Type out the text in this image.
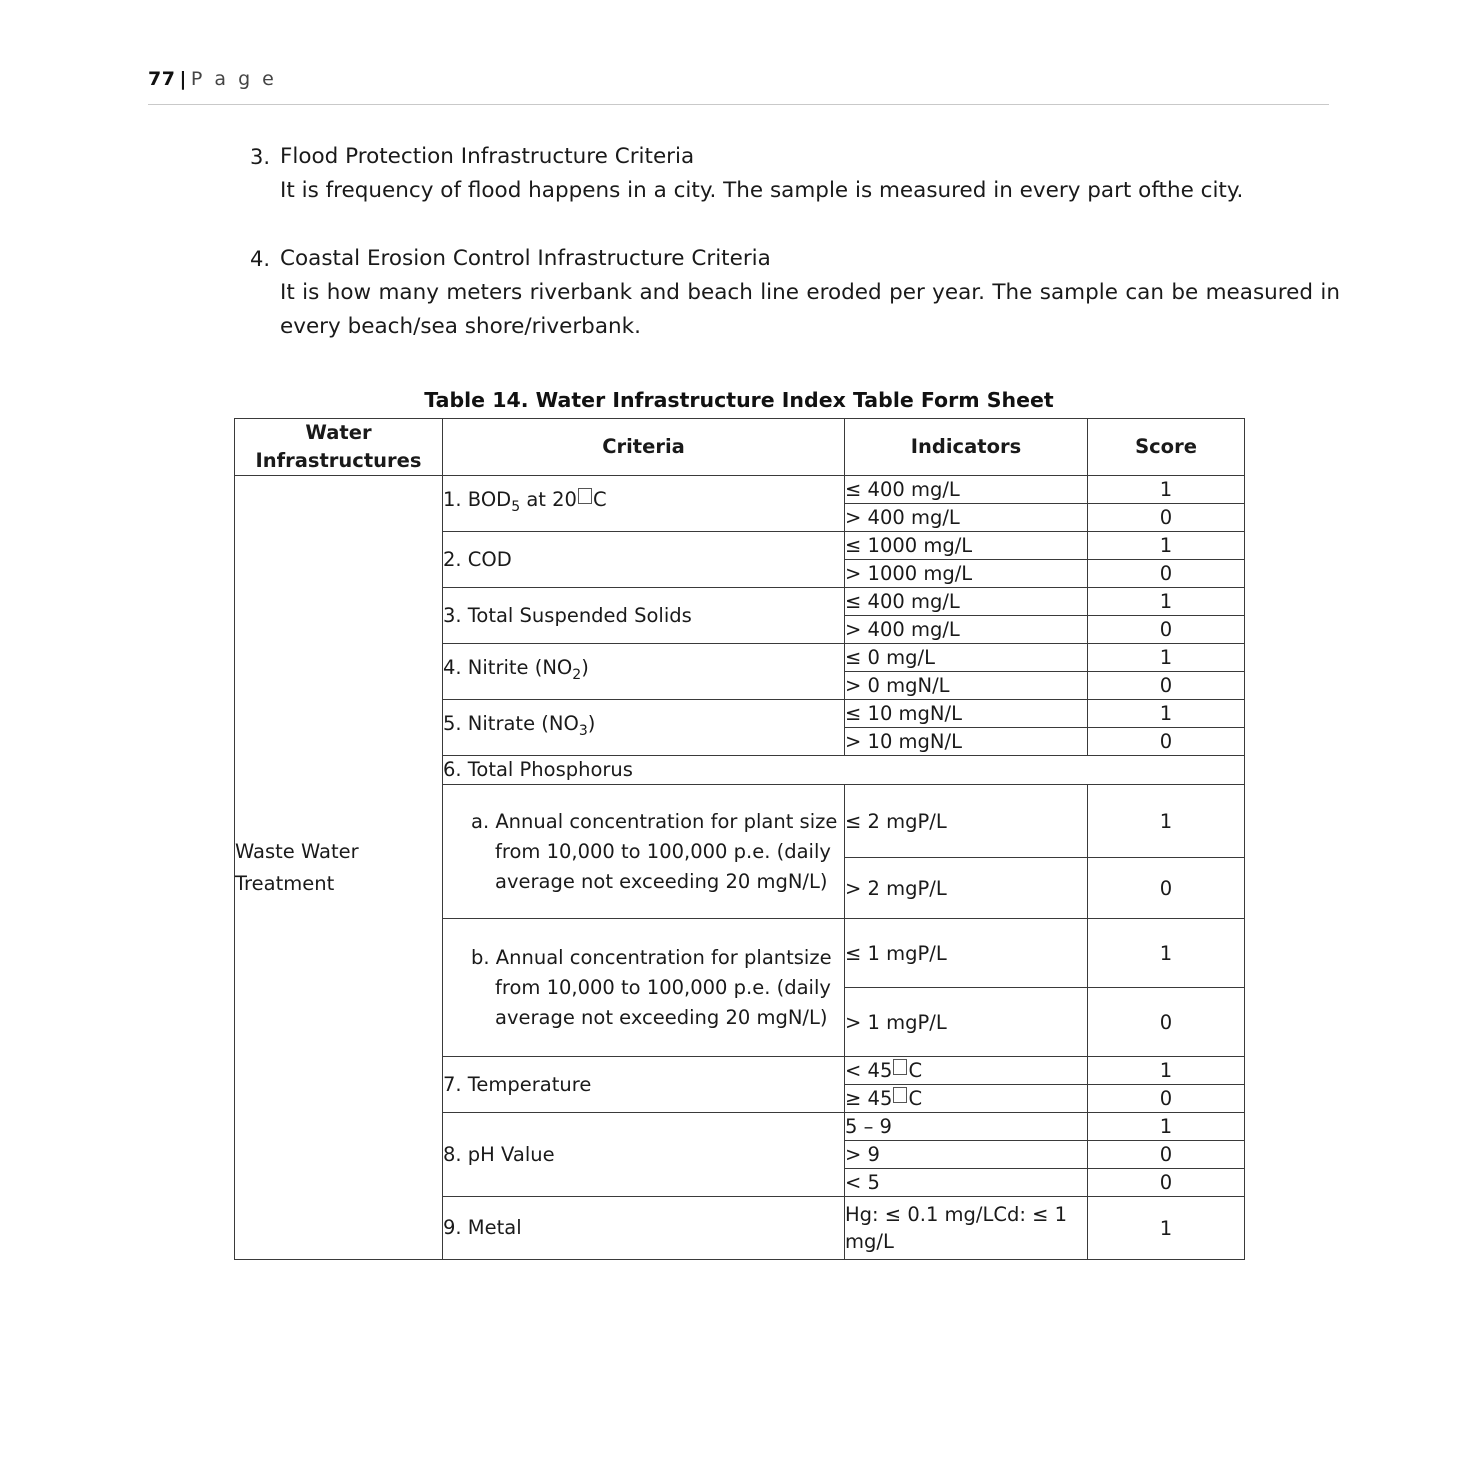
77 | P a g e
3. Flood Protection Infrastructure Criteria
It is frequency of flood happens in a city. The sample is measured in every part ofthe city.
4. Coastal Erosion Control Infrastructure Criteria
It is how many meters riverbank and beach line eroded per year. The sample can be measured in every beach/sea shore/riverbank.
Table 14. Water Infrastructure Index Table Form Sheet
Water Infrastructures	Criteria	Indicators	Score
Waste Water Treatment	1. $BOD_5$ at 20 C	≤ 400 mg/L	1
		> 400 mg/L	0
	2. COD	≤ 1000 mg/L	1
		> 1000 mg/L	0
	3. Total Suspended Solids	≤ 400 mg/L	1
		> 400 mg/L	0
	4. Nitrite $(NO_2)$	≤ 0 mg/L	1
		> 0 mgN/L	0
	5. Nitrate $(NO_3)$	≤ 10 mgN/L	1
		> 10 mgN/L	0
	6. Total Phosphorus		

	a. Annual concentration for plant size from 10,000 to 100,000 p.e. (daily average not exceeding 20 mgN/L)	≤ 2 mgP/L	1
		> 2 mgP/L	0

	b. Annual concentration for plantsize from 10,000 to 100,000 p.e. (daily average not exceeding 20 mgN/L)	≤ 1 mgP/L	1
		> 1 mgP/L	0
	7. Temperature	< 45 C	1
		≥ 45 C	0
	8. pH Value	5 – 9	1
		> 9	0
		< 5	0
	9. Metal	Hg: ≤ 0.1 mg/LCd: ≤ 1 mg/L	1
